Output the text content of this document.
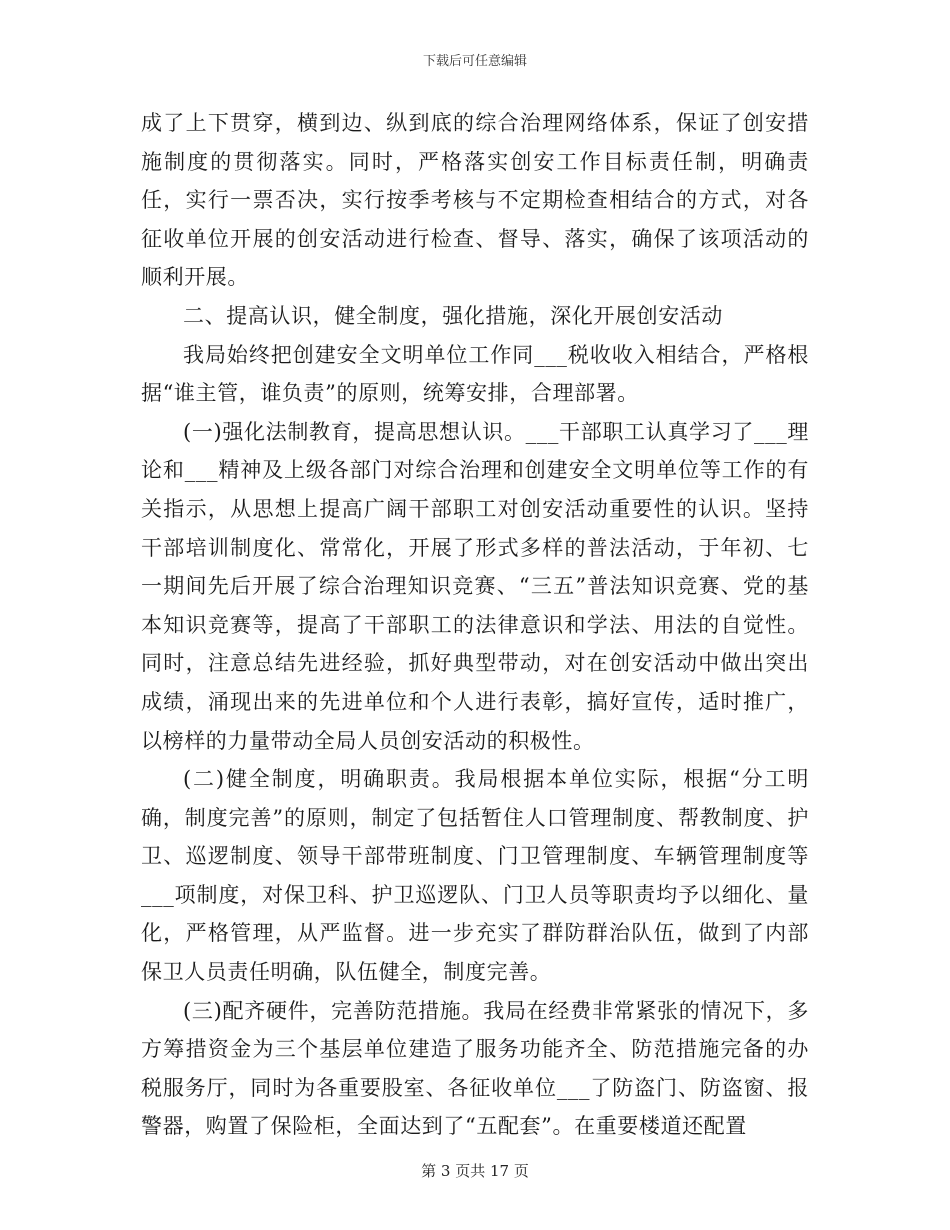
下载后可任意编辑

成了上下贯穿，横到边、纵到底的综合治理网络体系，保证了创安措施制度的贯彻落实。同时，严格落实创安工作目标责任制，明确责任，实行一票否决，实行按季考核与不定期检查相结合的方式，对各征收单位开展的创安活动进行检查、督导、落实，确保了该项活动的顺利开展。

二、提高认识，健全制度，强化措施，深化开展创安活动

我局始终把创建安全文明单位工作同___税收收入相结合，严格根据“谁主管，谁负责”的原则，统筹安排，合理部署。

(一)强化法制教育，提高思想认识。___干部职工认真学习了___理论和___精神及上级各部门对综合治理和创建安全文明单位等工作的有关指示，从思想上提高广阔干部职工对创安活动重要性的认识。坚持干部培训制度化、常常化，开展了形式多样的普法活动，于年初、七一期间先后开展了综合治理知识竞赛、“三五”普法知识竞赛、党的基本知识竞赛等，提高了干部职工的法律意识和学法、用法的自觉性。同时，注意总结先进经验，抓好典型带动，对在创安活动中做出突出成绩，涌现出来的先进单位和个人进行表彰，搞好宣传，适时推广，以榜样的力量带动全局人员创安活动的积极性。

(二)健全制度，明确职责。我局根据本单位实际，根据“分工明确，制度完善”的原则，制定了包括暂住人口管理制度、帮教制度、护卫、巡逻制度、领导干部带班制度、门卫管理制度、车辆管理制度等___项制度，对保卫科、护卫巡逻队、门卫人员等职责均予以细化、量化，严格管理，从严监督。进一步充实了群防群治队伍，做到了内部保卫人员责任明确，队伍健全，制度完善。

(三)配齐硬件，完善防范措施。我局在经费非常紧张的情况下，多方筹措资金为三个基层单位建造了服务功能齐全、防范措施完备的办税服务厅，同时为各重要股室、各征收单位___了防盗门、防盗窗、报警器，购置了保险柜，全面达到了“五配套”。在重要楼道还配置

第 3 页共 17 页
